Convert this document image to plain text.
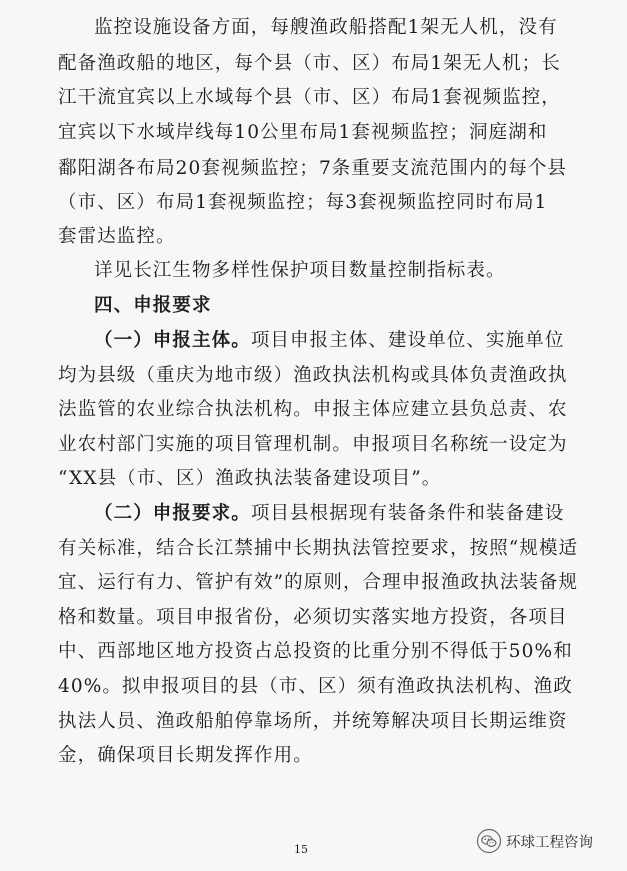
监控设施设备方面，每艘渔政船搭配1架无人机，没有
配备渔政船的地区，每个县（市、区）布局1架无人机；长
江干流宜宾以上水域每个县（市、区）布局1套视频监控，
宜宾以下水域岸线每10公里布局1套视频监控；洞庭湖和
鄱阳湖各布局20套视频监控；7条重要支流范围内的每个县
（市、区）布局1套视频监控；每3套视频监控同时布局1
套雷达监控。
详见长江生物多样性保护项目数量控制指标表。
四、申报要求
（一）申报主体。项目申报主体、建设单位、实施单位
均为县级（重庆为地市级）渔政执法机构或具体负责渔政执
法监管的农业综合执法机构。申报主体应建立县负总责、农
业农村部门实施的项目管理机制。申报项目名称统一设定为
“XX县（市、区）渔政执法装备建设项目”。
（二）申报要求。项目县根据现有装备条件和装备建设
有关标准，结合长江禁捕中长期执法管控要求，按照“规模适
宜、运行有力、管护有效”的原则，合理申报渔政执法装备规
格和数量。项目申报省份，必须切实落实地方投资，各项目
中、西部地区地方投资占总投资的比重分别不得低于50%和
40%。拟申报项目的县（市、区）须有渔政执法机构、渔政
执法人员、渔政船舶停靠场所，并统筹解决项目长期运维资
金，确保项目长期发挥作用。
15	环球工程咨询
